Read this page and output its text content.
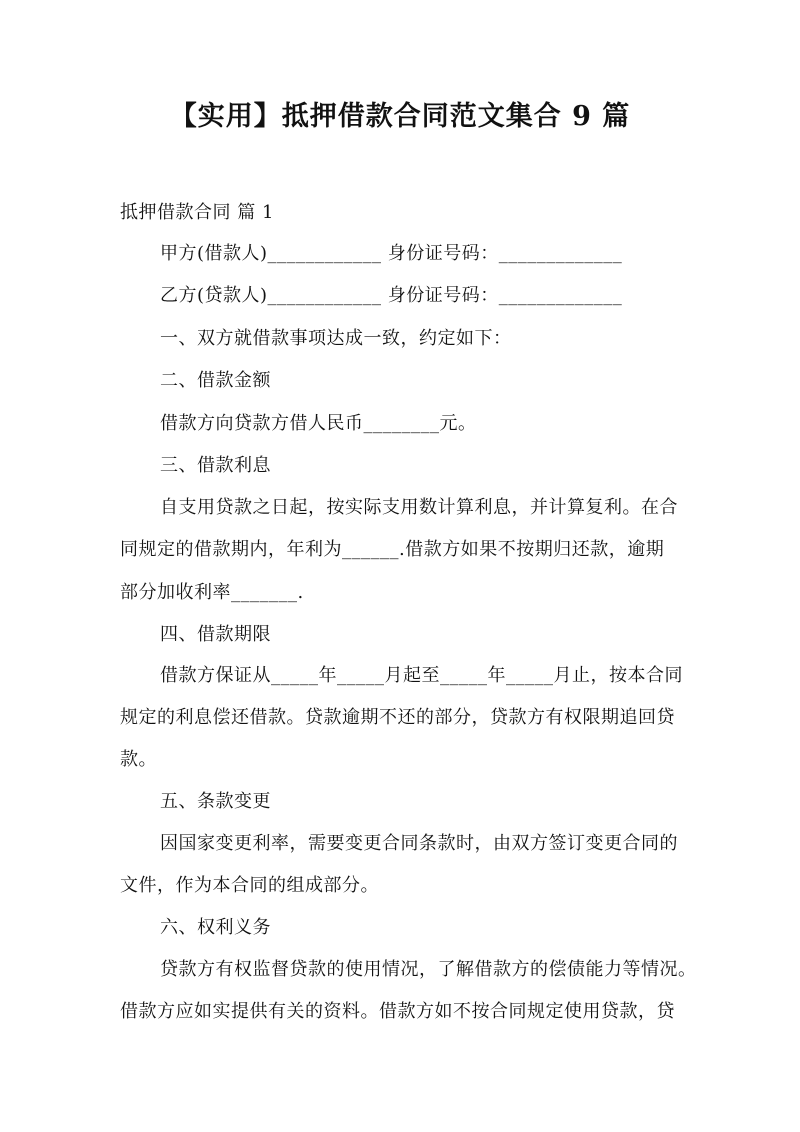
【实用】抵押借款合同范文集合 9 篇
抵押借款合同 篇 1
甲方(借款人)____________ 身份证号码：_____________
乙方(贷款人)____________ 身份证号码：_____________
一、双方就借款事项达成一致，约定如下：
二、借款金额
借款方向贷款方借人民币________元。
三、借款利息
自支用贷款之日起，按实际支用数计算利息，并计算复利。在合
同规定的借款期内，年利为______.借款方如果不按期归还款，逾期
部分加收利率_______.
四、借款期限
借款方保证从_____年_____月起至_____年_____月止，按本合同
规定的利息偿还借款。贷款逾期不还的部分，贷款方有权限期追回贷
款。
五、条款变更
因国家变更利率，需要变更合同条款时，由双方签订变更合同的
文件，作为本合同的组成部分。
六、权利义务
贷款方有权监督贷款的使用情况，了解借款方的偿债能力等情况。
借款方应如实提供有关的资料。借款方如不按合同规定使用贷款，贷
